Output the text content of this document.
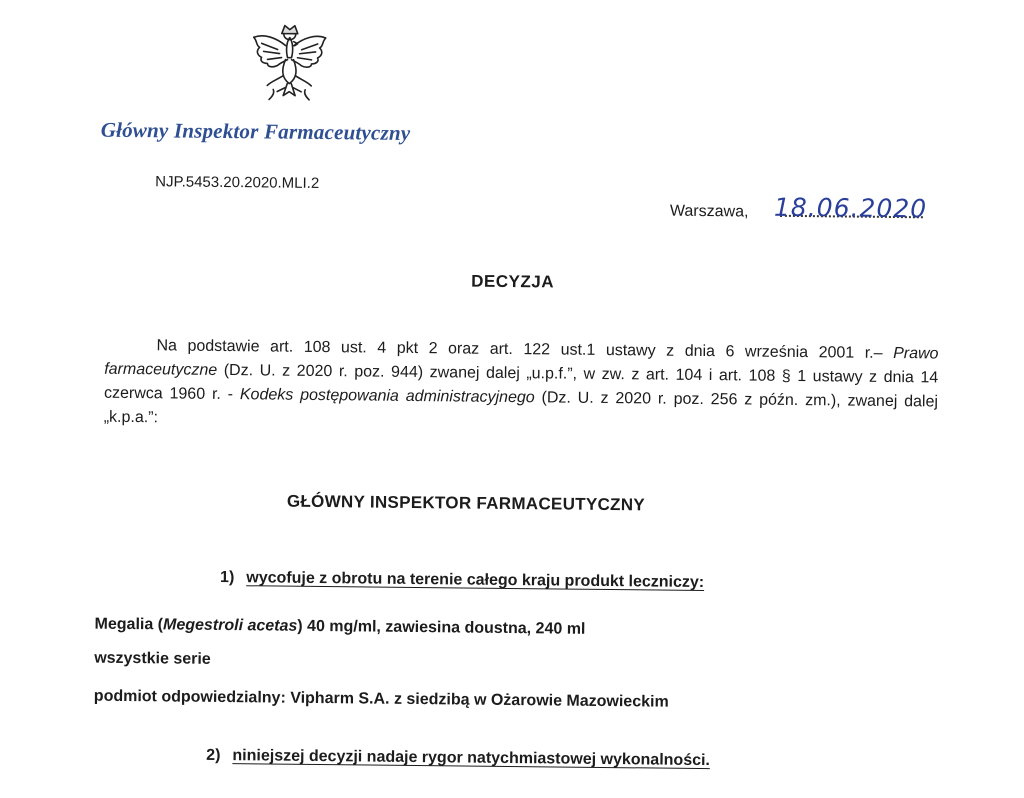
Główny Inspektor Farmaceutyczny
NJP.5453.20.2020.MLI.2
Warszawa, 18.06.2020
DECYZJA
Na podstawie art. 108 ust. 4 pkt 2 oraz art. 122 ust.1 ustawy z dnia 6 września 2001 r.– Prawo farmaceutyczne (Dz. U. z 2020 r. poz. 944) zwanej dalej „u.p.f.”, w zw. z art. 104 i art. 108 § 1 ustawy z dnia 14 czerwca 1960 r. - Kodeks postępowania administracyjnego (Dz. U. z 2020 r. poz. 256 z późn. zm.), zwanej dalej „k.p.a.”:
GŁÓWNY INSPEKTOR FARMACEUTYCZNY
1) wycofuje z obrotu na terenie całego kraju produkt leczniczy:
Megalia (Megestroli acetas) 40 mg/ml, zawiesina doustna, 240 ml
wszystkie serie
podmiot odpowiedzialny: Vipharm S.A. z siedzibą w Ożarowie Mazowieckim
2) niniejszej decyzji nadaje rygor natychmiastowej wykonalności.
